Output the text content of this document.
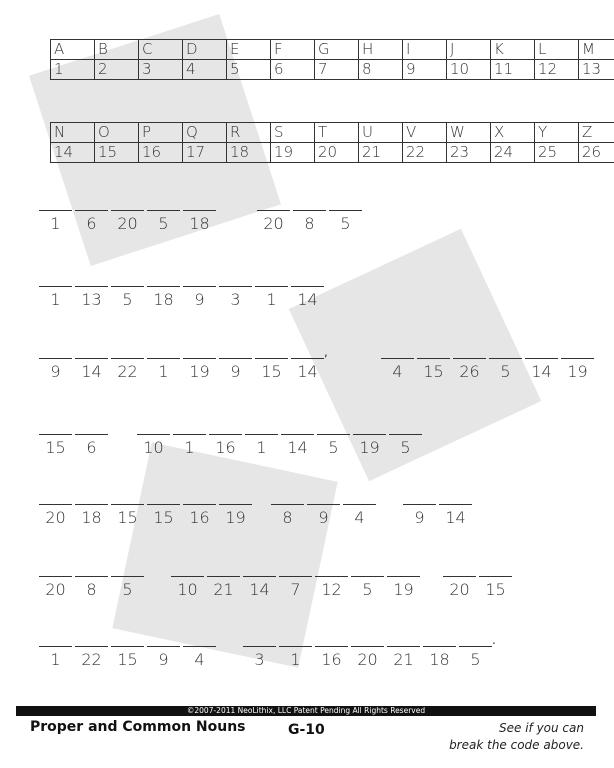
A	B	C	D	E	F	G	H	I	J	K	L	M
1	2	3	4	5	6	7	8	9	10	11	12	13
N	O	P	Q	R	S	T	U	V	W	X	Y	Z
14	15	16	17	18	19	20	21	22	23	24	25	26
1	6	20	5	18	20	8	5
1	13	5	18	9	3	1	14
9	14 22	1	19	9	15 14
,
4	15 26	5	14 19
15	6	10	1	16	1	14	5	19	5
20 18 15 15 16 19	8	9	4	9	14
20	8	5	10 21 14	7	12	5	19	20 15
1	22 15	9	4	3	1	16 20 21 18	5
.
©2007-2011 NeoLithix, LLC Patent Pending All Rights Reserved
Proper and Common Nouns	G-10	See if you can
break the code above.
